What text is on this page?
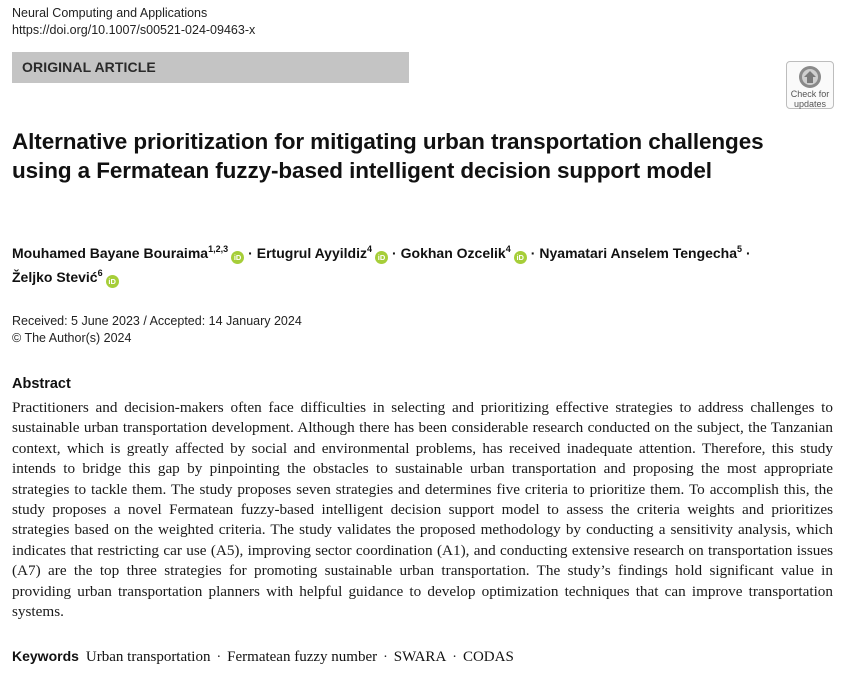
Neural Computing and Applications
https://doi.org/10.1007/s00521-024-09463-x
ORIGINAL ARTICLE
Check for
updates
Alternative prioritization for mitigating urban transportation challenges using a Fermatean fuzzy-based intelligent decision support model
Mouhamed Bayane Bouraima$^{1,2,3}$iD · Ertugrul Ayyildiz$^4$iD · Gokhan Ozcelik$^4$iD · Nyamatari Anselem Tengecha$^5$ ·
Željko Stević$^6$iD
Received: 5 June 2023 / Accepted: 14 January 2024
© The Author(s) 2024
Abstract

Practitioners and decision-makers often face difficulties in selecting and prioritizing effective strategies to address challenges to sustainable urban transportation development. Although there has been considerable research conducted on the subject, the Tanzanian context, which is greatly affected by social and environmental problems, has received inadequate attention. Therefore, this study intends to bridge this gap by pinpointing the obstacles to sustainable urban transportation and proposing the most appropriate strategies to tackle them. The study proposes seven strategies and determines five criteria to prioritize them. To accomplish this, the study proposes a novel Fermatean fuzzy-based intelligent decision support model to assess the criteria weights and prioritizes strategies based on the weighted criteria. The study validates the proposed methodology by conducting a sensitivity analysis, which indicates that restricting car use (A5), improving sector coordination (A1), and conducting extensive research on transportation issues (A7) are the top three strategies for promoting sustainable urban transportation. The study’s findings hold significant value in providing urban transportation planners with helpful guidance to develop optimization techniques that can improve transportation systems.

Keywords Urban transportation · Fermatean fuzzy number · SWARA · CODAS
